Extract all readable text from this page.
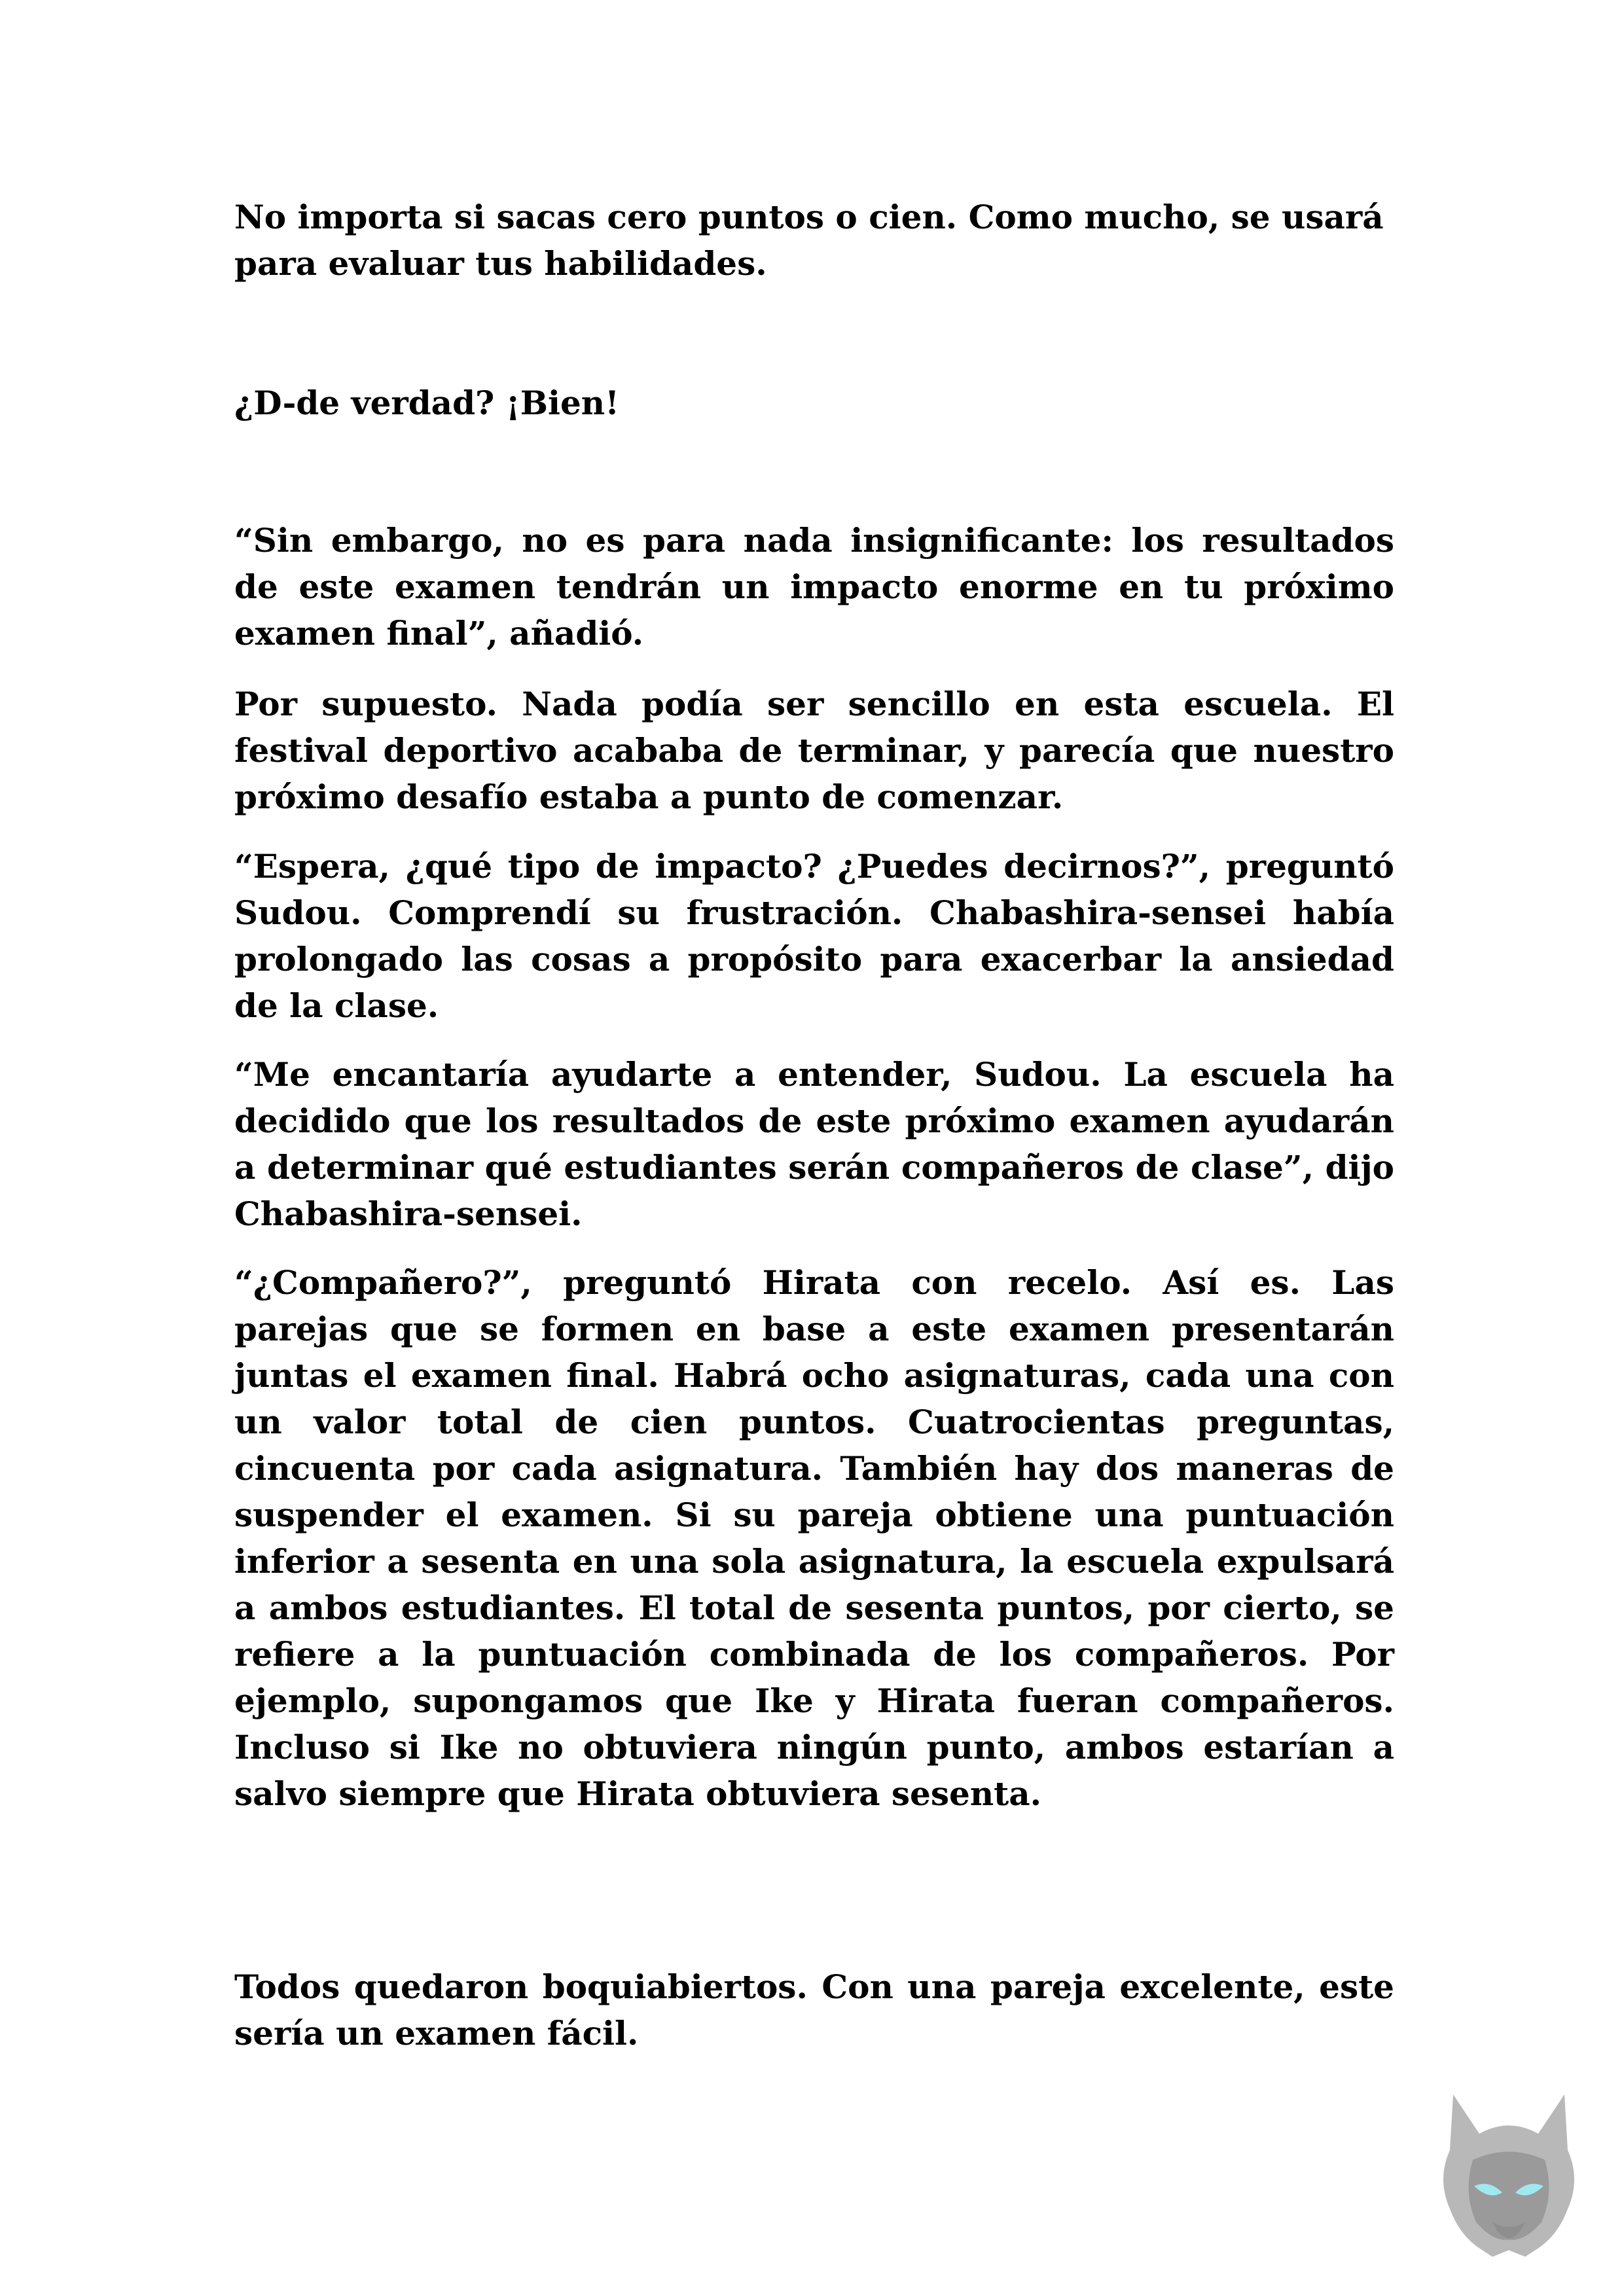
No importa si sacas cero puntos o cien. Como mucho, se usará para evaluar tus habilidades.

¿D-de verdad? ¡Bien!

“Sin embargo, no es para nada insignificante: los resultados de este examen tendrán un impacto enorme en tu próximo examen final”, añadió.

Por supuesto. Nada podía ser sencillo en esta escuela. El festival deportivo acababa de terminar, y parecía que nuestro próximo desafío estaba a punto de comenzar.

“Espera, ¿qué tipo de impacto? ¿Puedes decirnos?”, preguntó Sudou. Comprendí su frustración. Chabashira-sensei había prolongado las cosas a propósito para exacerbar la ansiedad de la clase.

“Me encantaría ayudarte a entender, Sudou. La escuela ha decidido que los resultados de este próximo examen ayudarán a determinar qué estudiantes serán compañeros de clase”, dijo Chabashira-sensei.

“¿Compañero?”, preguntó Hirata con recelo. Así es. Las parejas que se formen en base a este examen presentarán juntas el examen final. Habrá ocho asignaturas, cada una con un valor total de cien puntos. Cuatrocientas preguntas, cincuenta por cada asignatura. También hay dos maneras de suspender el examen. Si su pareja obtiene una puntuación inferior a sesenta en una sola asignatura, la escuela expulsará a ambos estudiantes. El total de sesenta puntos, por cierto, se refiere a la puntuación combinada de los compañeros. Por ejemplo, supongamos que Ike y Hirata fueran compañeros. Incluso si Ike no obtuviera ningún punto, ambos estarían a salvo siempre que Hirata obtuviera sesenta.

Todos quedaron boquiabiertos. Con una pareja excelente, este sería un examen fácil.
